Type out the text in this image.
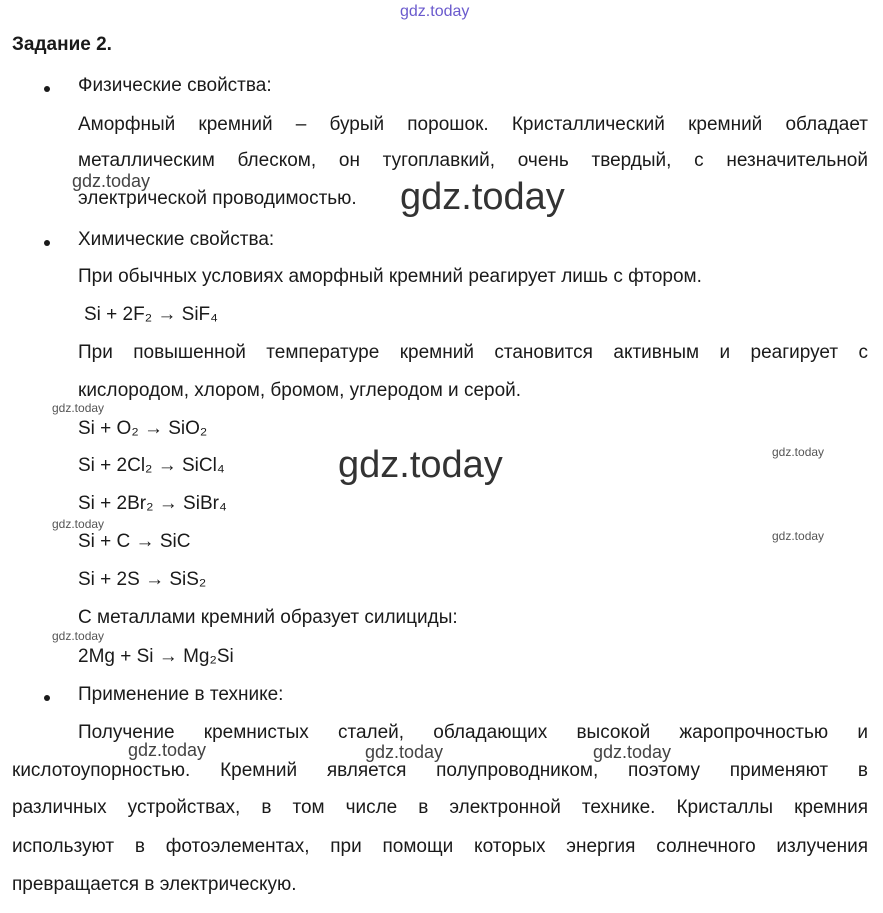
gdz.today
gdz.today	gdz.today
gdz.today
gdz.today	gdz.today
gdz.today
gdz.today
gdz.today
gdz.today	gdz.today	gdz.today
Задание 2.
Физические свойства:
Аморфный кремний – бурый порошок. Кристаллический кремний обладает
металлическим блеском, он тугоплавкий, очень твердый, с незначительной
электрической проводимостью.
Химические свойства:
При обычных условиях аморфный кремний реагирует лишь с фтором.
Si + 2F₂ → SiF₄
При повышенной температуре кремний становится активным и реагирует с
кислородом, хлором, бромом, углеродом и серой.
Si + O₂ → SiO₂
Si + 2Cl₂ → SiCl₄
Si + 2Br₂ → SiBr₄
Si + C → SiC
Si + 2S → SiS₂
С металлами кремний образует силициды:
2Mg + Si → Mg₂Si
Применение в технике:
Получение кремнистых сталей, обладающих высокой жаропрочностью и
кислотоупорностью. Кремний является полупроводником, поэтому применяют в
различных устройствах, в том числе в электронной технике. Кристаллы кремния
используют в фотоэлементах, при помощи которых энергия солнечного излучения
превращается в электрическую.
